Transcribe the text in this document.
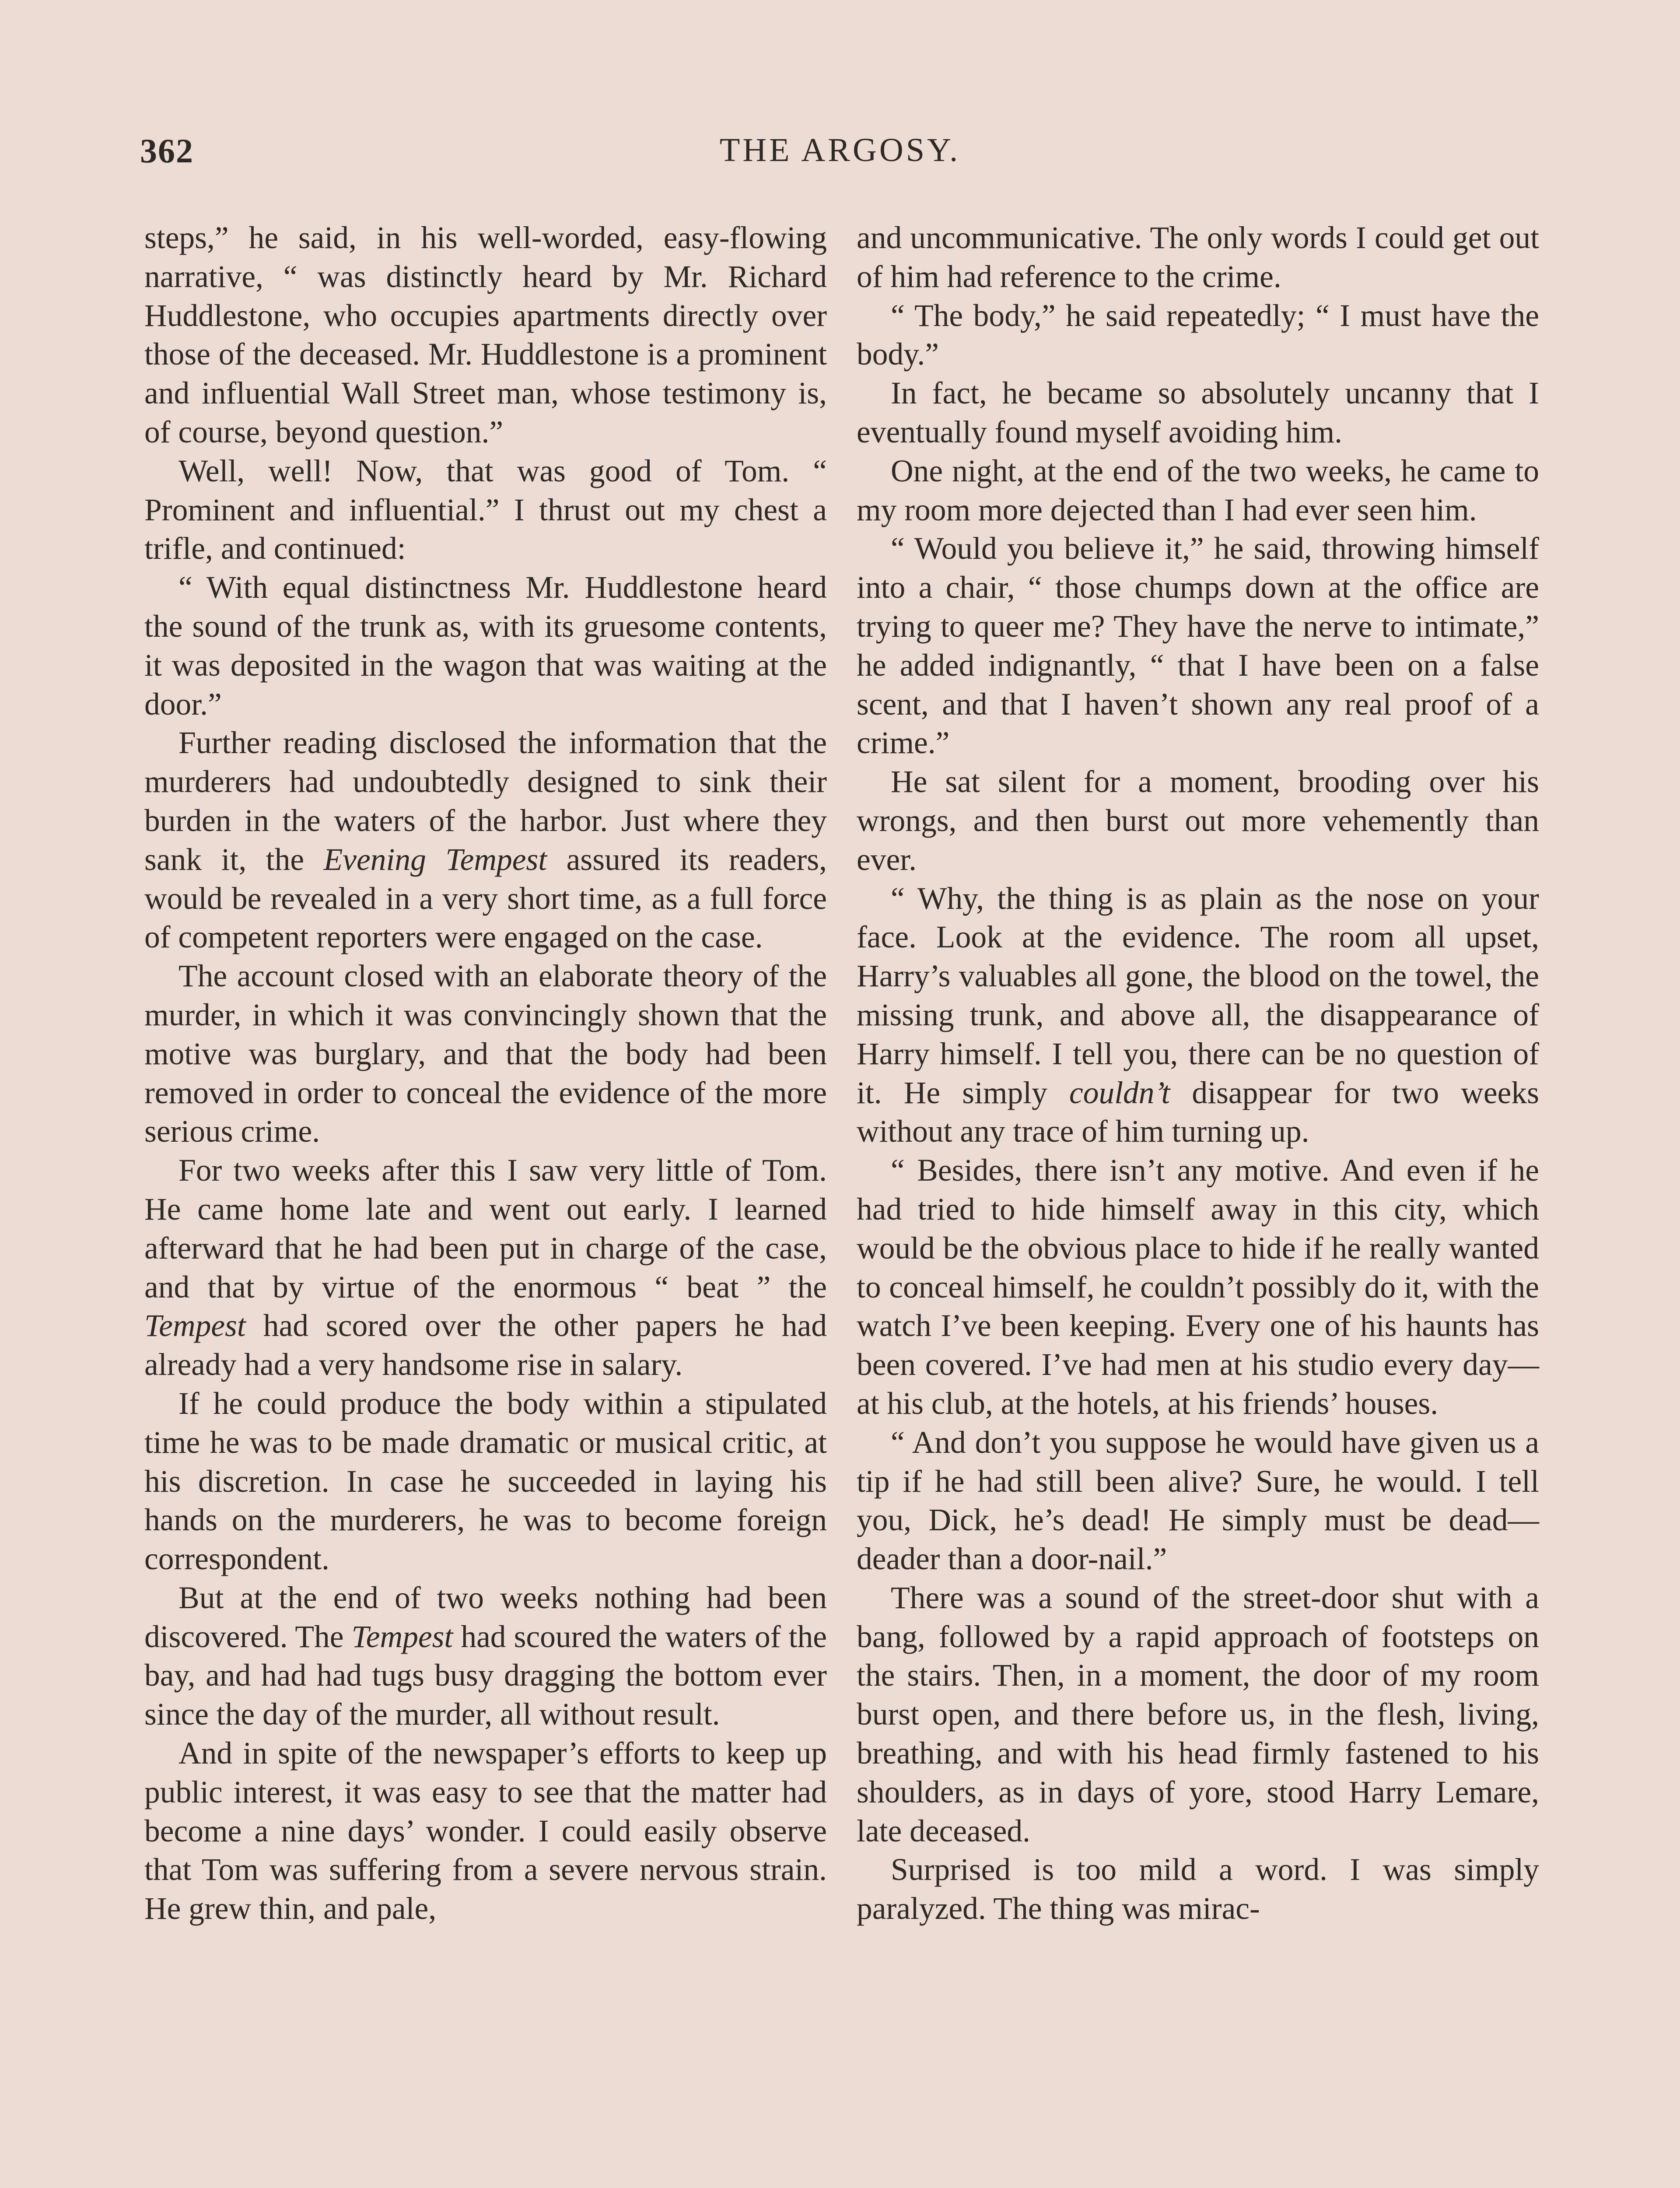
362	THE ARGOSY.

steps,” he said, in his well-worded, easy-flowing narrative, “ was distinctly heard by Mr. Richard Huddlestone, who occupies apartments directly over those of the deceased. Mr. Huddlestone is a prominent and influential Wall Street man, whose testimony is, of course, beyond question.”

Well, well! Now, that was good of Tom. “ Prominent and influential.” I thrust out my chest a trifle, and continued:

“ With equal distinctness Mr. Huddlestone heard the sound of the trunk as, with its gruesome contents, it was deposited in the wagon that was waiting at the door.”

Further reading disclosed the information that the murderers had undoubtedly designed to sink their burden in the waters of the harbor. Just where they sank it, the Evening Tempest assured its readers, would be revealed in a very short time, as a full force of competent reporters were engaged on the case.

The account closed with an elaborate theory of the murder, in which it was convincingly shown that the motive was burglary, and that the body had been removed in order to conceal the evidence of the more serious crime.

For two weeks after this I saw very little of Tom. He came home late and went out early. I learned afterward that he had been put in charge of the case, and that by virtue of the enormous “ beat ” the Tempest had scored over the other papers he had already had a very handsome rise in salary.

If he could produce the body within a stipulated time he was to be made dramatic or musical critic, at his discretion. In case he succeeded in laying his hands on the murderers, he was to become foreign correspondent.

But at the end of two weeks nothing had been discovered. The Tempest had scoured the waters of the bay, and had had tugs busy dragging the bottom ever since the day of the murder, all without result.

And in spite of the newspaper’s efforts to keep up public interest, it was easy to see that the matter had become a nine days’ wonder. I could easily observe that Tom was suffering from a severe nervous strain. He grew thin, and pale,

and uncommunicative. The only words I could get out of him had reference to the crime.

“ The body,” he said repeatedly; “ I must have the body.”

In fact, he became so absolutely uncanny that I eventually found myself avoiding him.

One night, at the end of the two weeks, he came to my room more dejected than I had ever seen him.

“ Would you believe it,” he said, throwing himself into a chair, “ those chumps down at the office are trying to queer me? They have the nerve to intimate,” he added indignantly, “ that I have been on a false scent, and that I haven’t shown any real proof of a crime.”

He sat silent for a moment, brooding over his wrongs, and then burst out more vehemently than ever.

“ Why, the thing is as plain as the nose on your face. Look at the evidence. The room all upset, Harry’s valuables all gone, the blood on the towel, the missing trunk, and above all, the disappearance of Harry himself. I tell you, there can be no question of it. He simply couldn’t disappear for two weeks without any trace of him turning up.

“ Besides, there isn’t any motive. And even if he had tried to hide himself away in this city, which would be the obvious place to hide if he really wanted to conceal himself, he couldn’t possibly do it, with the watch I’ve been keeping. Every one of his haunts has been covered. I’ve had men at his studio every day—at his club, at the hotels, at his friends’ houses.

“ And don’t you suppose he would have given us a tip if he had still been alive? Sure, he would. I tell you, Dick, he’s dead! He simply must be dead—deader than a door-nail.”

There was a sound of the street-door shut with a bang, followed by a rapid approach of footsteps on the stairs. Then, in a moment, the door of my room burst open, and there before us, in the flesh, living, breathing, and with his head firmly fastened to his shoulders, as in days of yore, stood Harry Lemare, late deceased.

Surprised is too mild a word. I was simply paralyzed. The thing was mirac-
